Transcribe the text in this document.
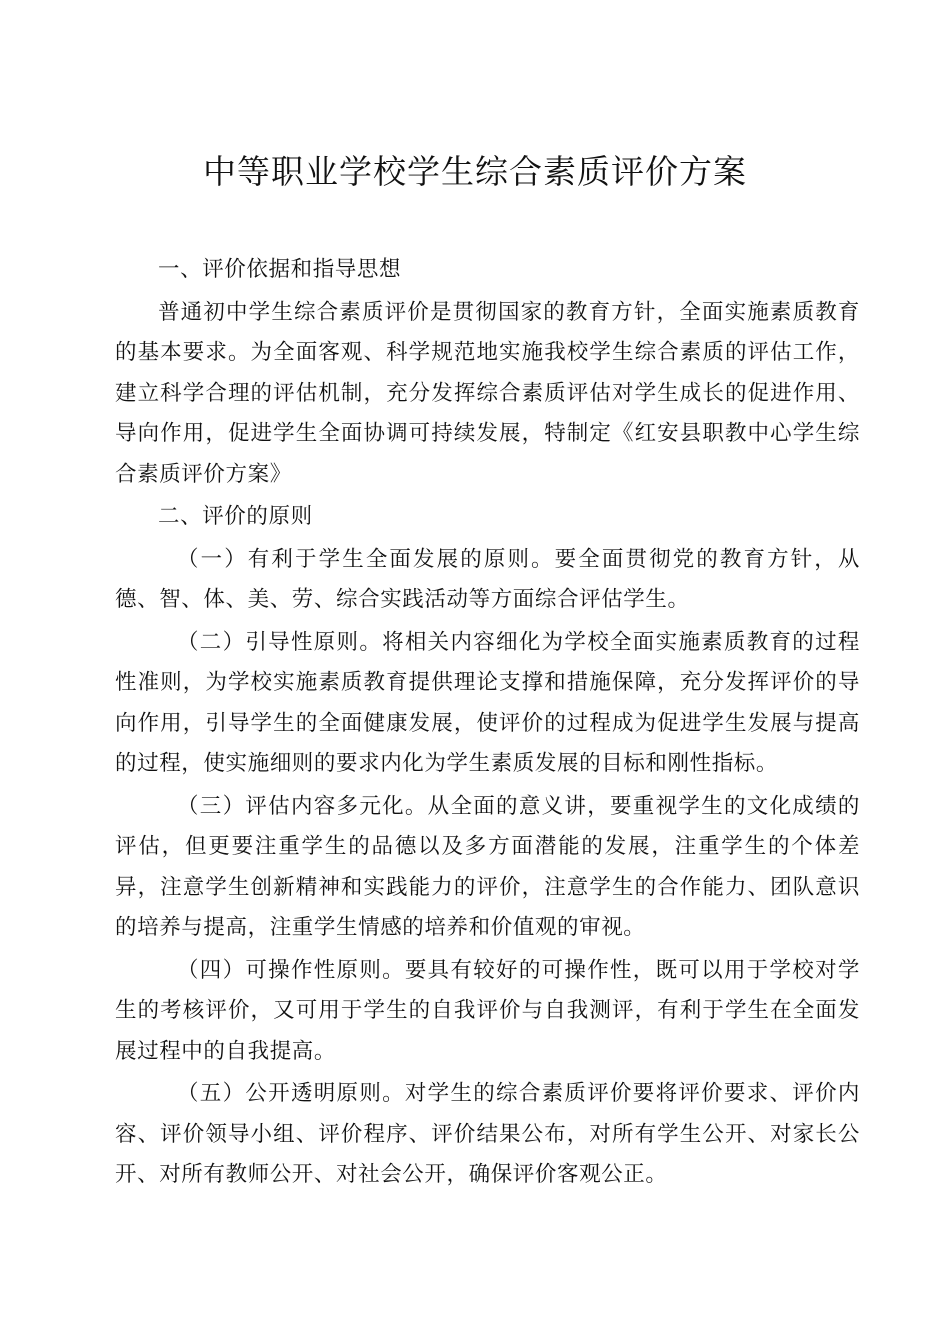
中等职业学校学生综合素质评价方案

一、评价依据和指导思想

普通初中学生综合素质评价是贯彻国家的教育方针，全面实施素质教育的基本要求。为全面客观、科学规范地实施我校学生综合素质的评估工作，建立科学合理的评估机制，充分发挥综合素质评估对学生成长的促进作用、导向作用，促进学生全面协调可持续发展，特制定《红安县职教中心学生综合素质评价方案》

二、评价的原则

（一）有利于学生全面发展的原则。要全面贯彻党的教育方针，从德、智、体、美、劳、综合实践活动等方面综合评估学生。

（二）引导性原则。将相关内容细化为学校全面实施素质教育的过程性准则，为学校实施素质教育提供理论支撑和措施保障，充分发挥评价的导向作用，引导学生的全面健康发展，使评价的过程成为促进学生发展与提高的过程，使实施细则的要求内化为学生素质发展的目标和刚性指标。

（三）评估内容多元化。从全面的意义讲，要重视学生的文化成绩的评估，但更要注重学生的品德以及多方面潜能的发展，注重学生的个体差异，注意学生创新精神和实践能力的评价，注意学生的合作能力、团队意识的培养与提高，注重学生情感的培养和价值观的审视。

（四）可操作性原则。要具有较好的可操作性，既可以用于学校对学生的考核评价，又可用于学生的自我评价与自我测评，有利于学生在全面发展过程中的自我提高。

（五）公开透明原则。对学生的综合素质评价要将评价要求、评价内容、评价领导小组、评价程序、评价结果公布，对所有学生公开、对家长公开、对所有教师公开、对社会公开，确保评价客观公正。
